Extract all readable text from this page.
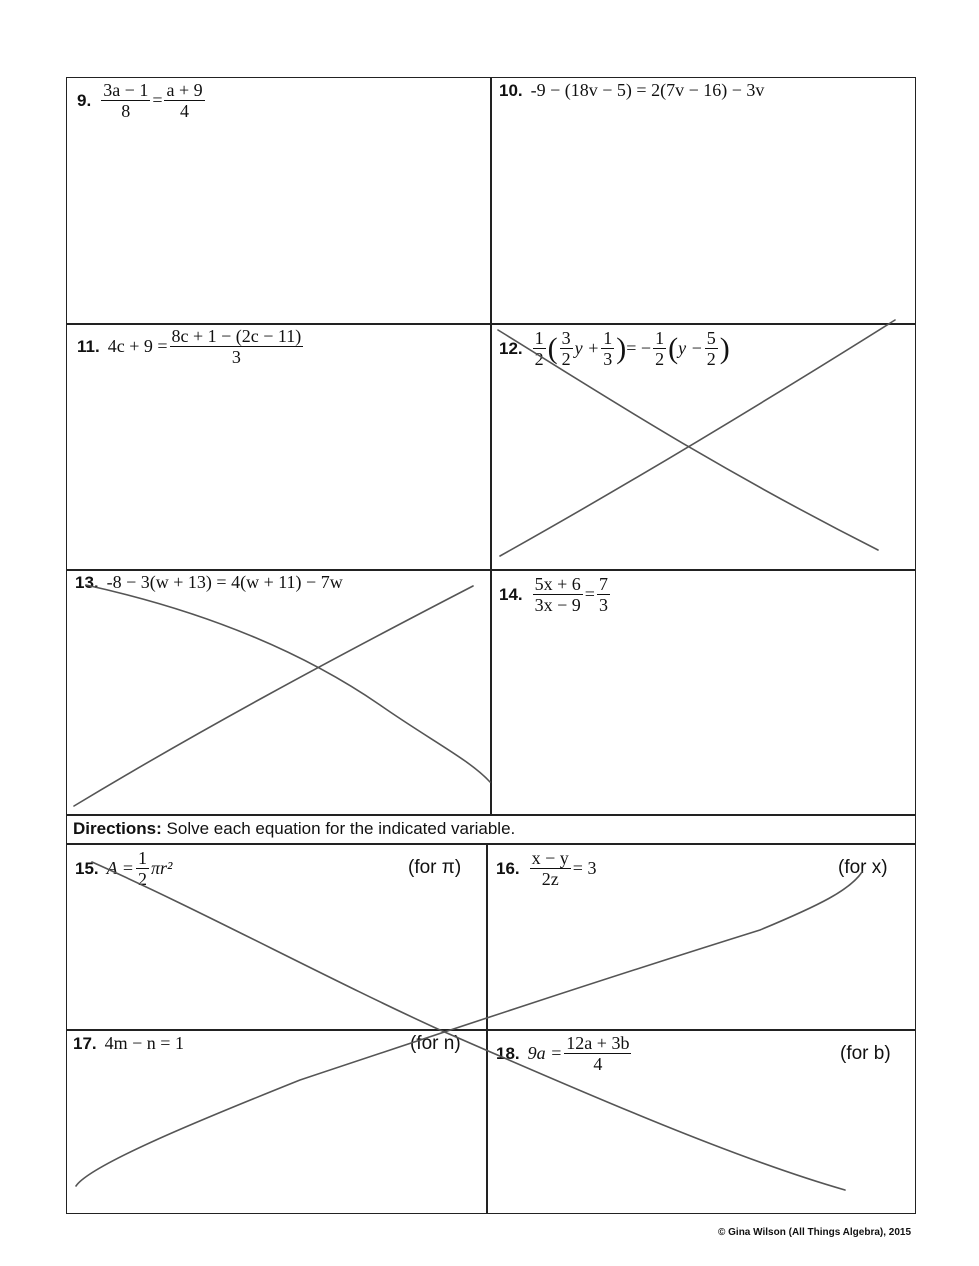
9. $\frac{3a - 1}{8} = \frac{a + 9}{4}$	10. -9 − (18v − 5) = 2(7v − 16) − 3v
11. $4c + 9 = \frac{8c + 1 - (2c - 11)}{3}$	12. $\frac{1}{2}$ ( $\frac{3}{2}$ $y + \frac{1}{3}$ ) = − $\frac{1}{2}$ ( $y - \frac{5}{2}$ )
13. -8 − 3(w + 13) = 4(w + 11) − 7w
14. $\frac{5x + 6}{3x - 9} = \frac{7}{3}$
Directions: Solve each equation for the indicated variable.
15. $A = \frac{1}{2} \pi r^2$	(for π) 16. $\frac{x - y}{2z} = 3$	(for x)
17. 4m − n = 1	(for n) 18. $9a = \frac{12a + 3b}{4}$	(for b)
© Gina Wilson (All Things Algebra), 2015
